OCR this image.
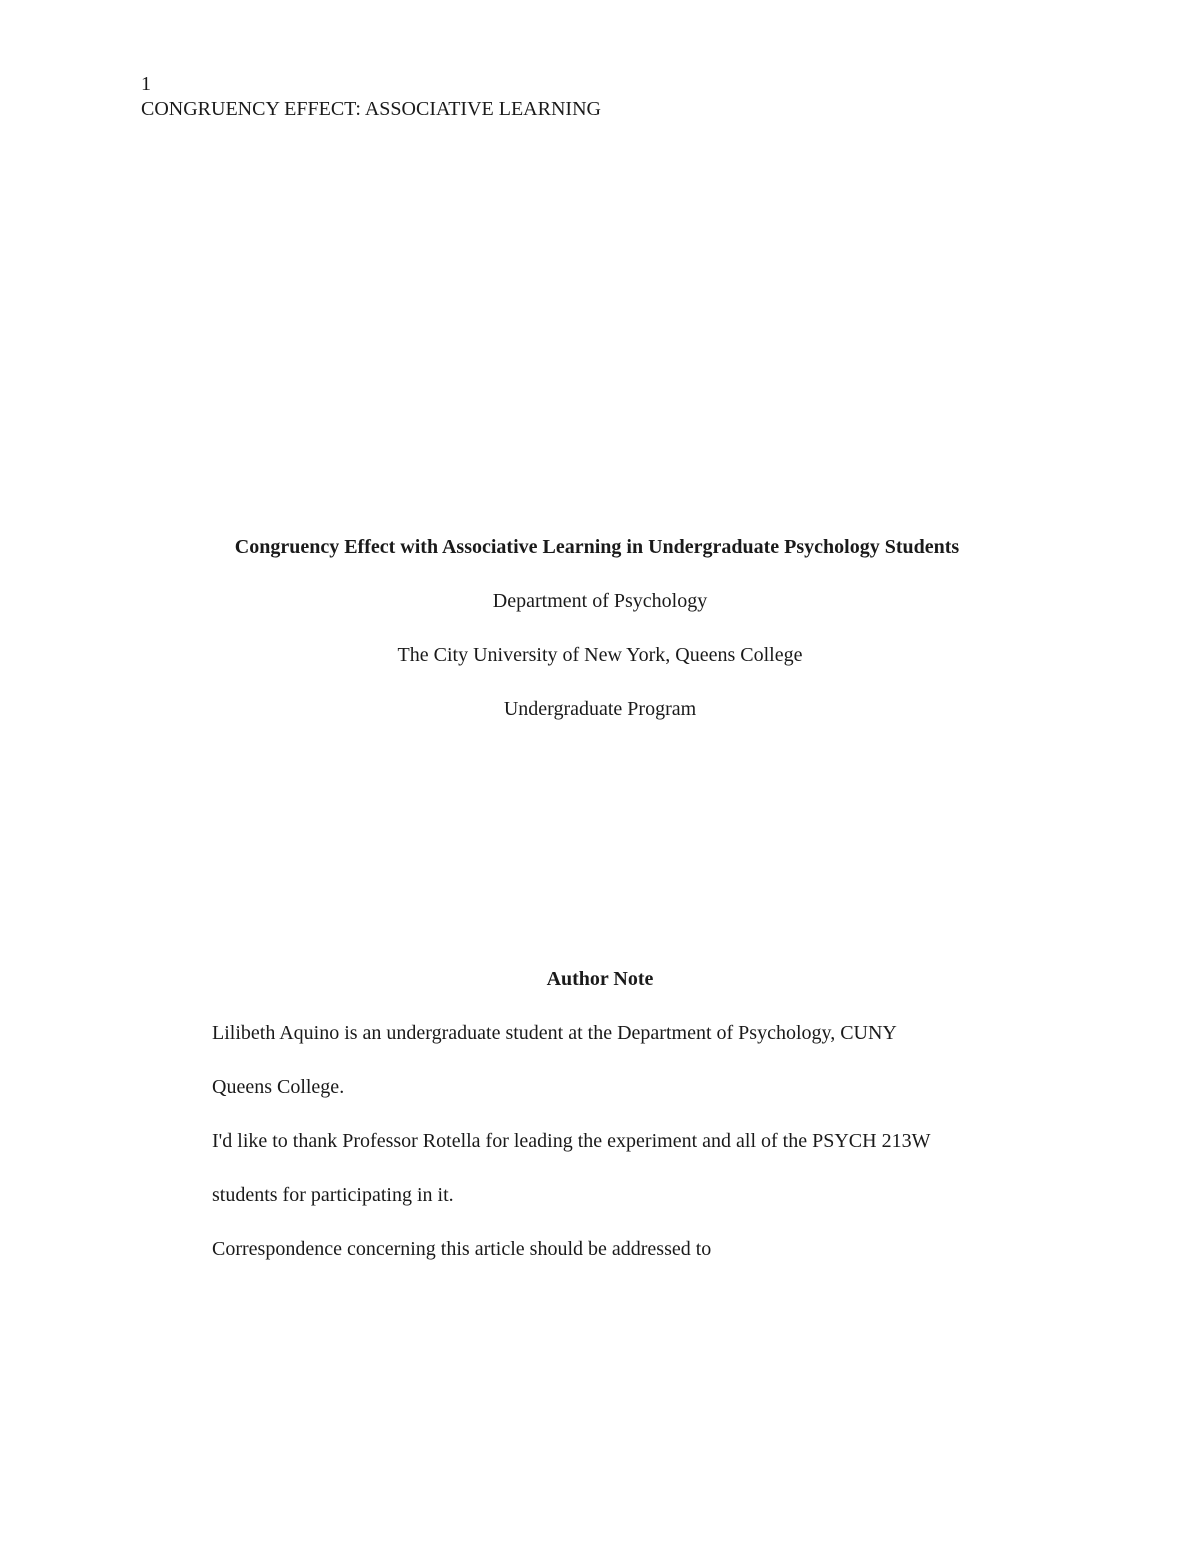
1
CONGRUENCY EFFECT: ASSOCIATIVE LEARNING
Congruency Effect with Associative Learning in Undergraduate Psychology Students
Department of Psychology
The City University of New York, Queens College
Undergraduate Program
Author Note
Lilibeth Aquino is an undergraduate student at the Department of Psychology, CUNY
Queens College.
I'd like to thank Professor Rotella for leading the experiment and all of the PSYCH 213W
students for participating in it.
Correspondence concerning this article should be addressed to
